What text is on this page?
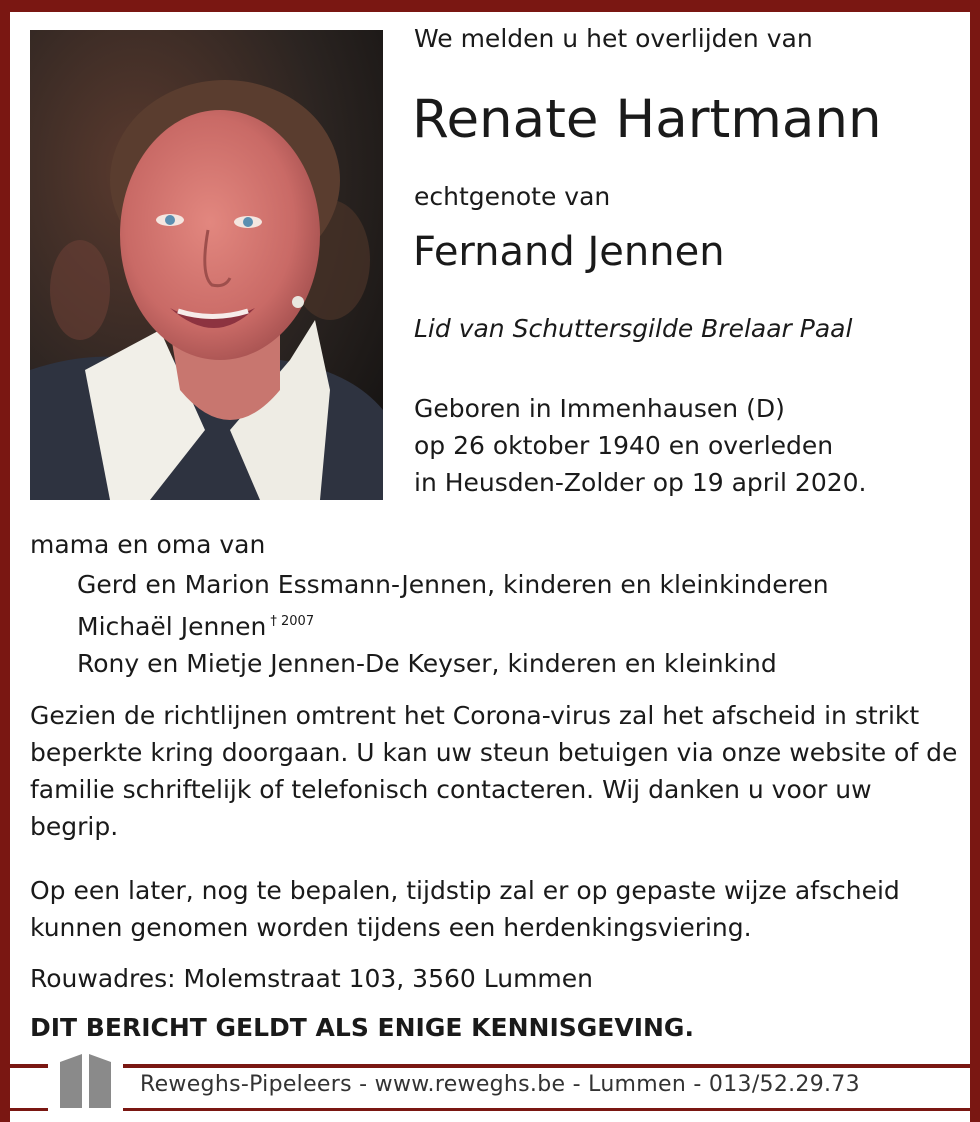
We melden u het overlijden van
Renate Hartmann
echtgenote van
Fernand Jennen
Lid van Schuttersgilde Brelaar Paal
Geboren in Immenhausen (D)
op 26 oktober 1940 en overleden
in Heusden-Zolder op 19 april 2020.
mama en oma van
Gerd en Marion Essmann-Jennen, kinderen en kleinkinderen
Michaël Jennen $^{\dagger 2007}$
Rony en Mietje Jennen-De Keyser, kinderen en kleinkind
Gezien de richtlijnen omtrent het Corona-virus zal het afscheid in strikt beperkte kring doorgaan. U kan uw steun betuigen via onze website of de familie schriftelijk of telefonisch contacteren. Wij danken u voor uw begrip.
Op een later, nog te bepalen, tijdstip zal er op gepaste wijze afscheid kunnen genomen worden tijdens een herdenkingsviering.
Rouwadres: Molemstraat 103, 3560 Lummen
DIT BERICHT GELDT ALS ENIGE KENNISGEVING.
Reweghs-Pipeleers - www.reweghs.be - Lummen - 013/52.29.73
